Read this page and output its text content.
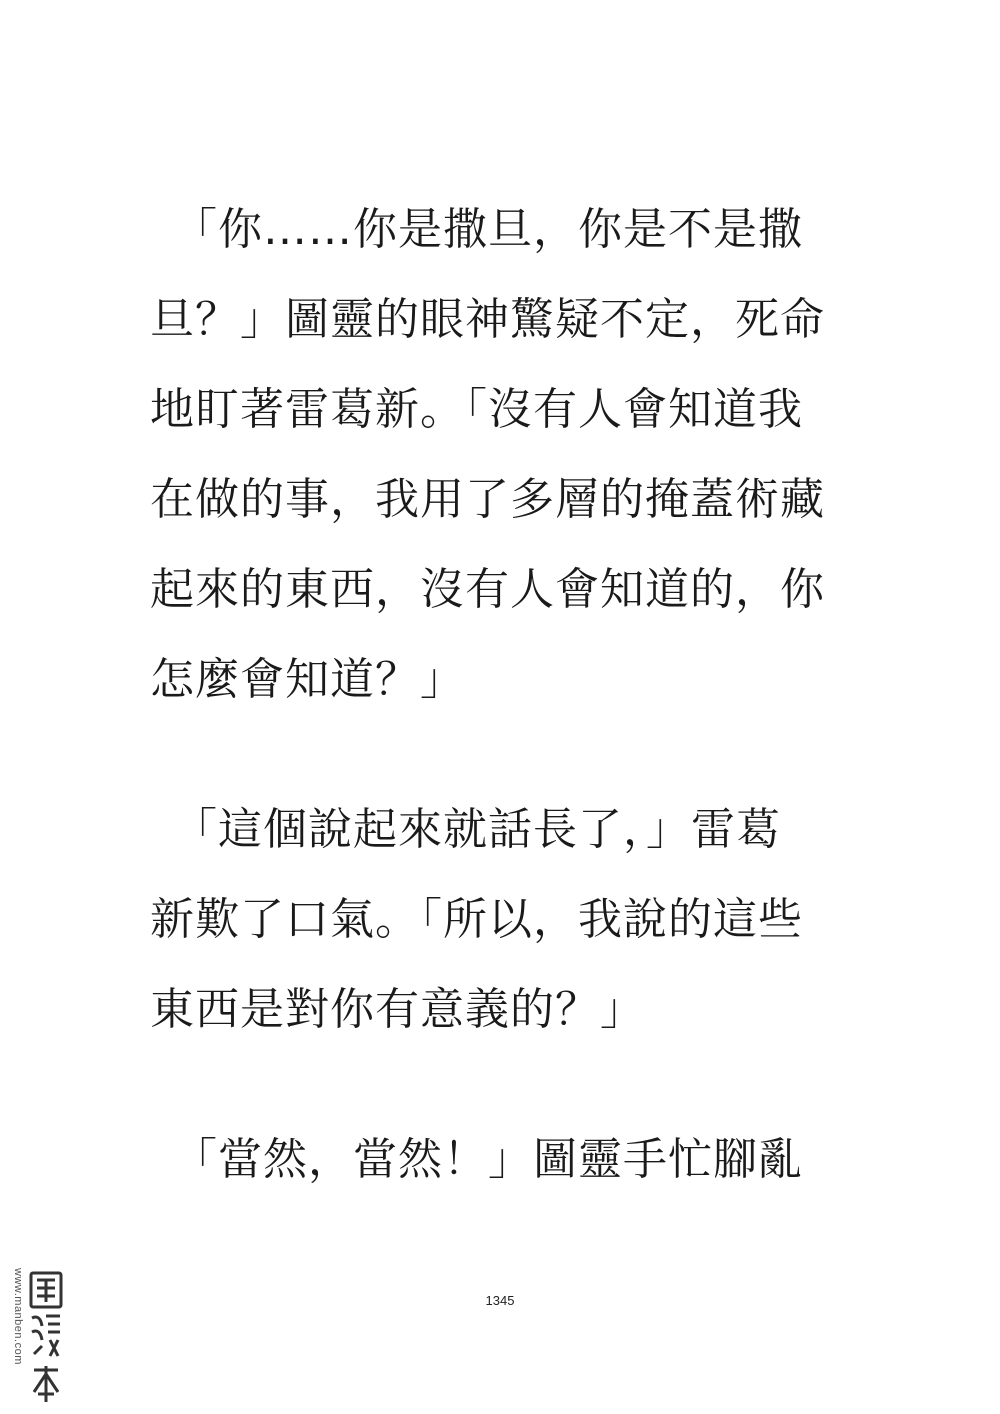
　「你……你是撒旦，你是不是撒
旦？」圖靈的眼神驚疑不定，死命
地盯著雷葛新。「沒有人會知道我
在做的事，我用了多層的掩蓋術藏
起來的東西，沒有人會知道的，你
怎麼會知道？」
　「這個說起來就話長了，」雷葛
新歎了口氣。「所以，我說的這些
東西是對你有意義的？」
　「當然，當然！」圖靈手忙腳亂
1345
www.manben.com
